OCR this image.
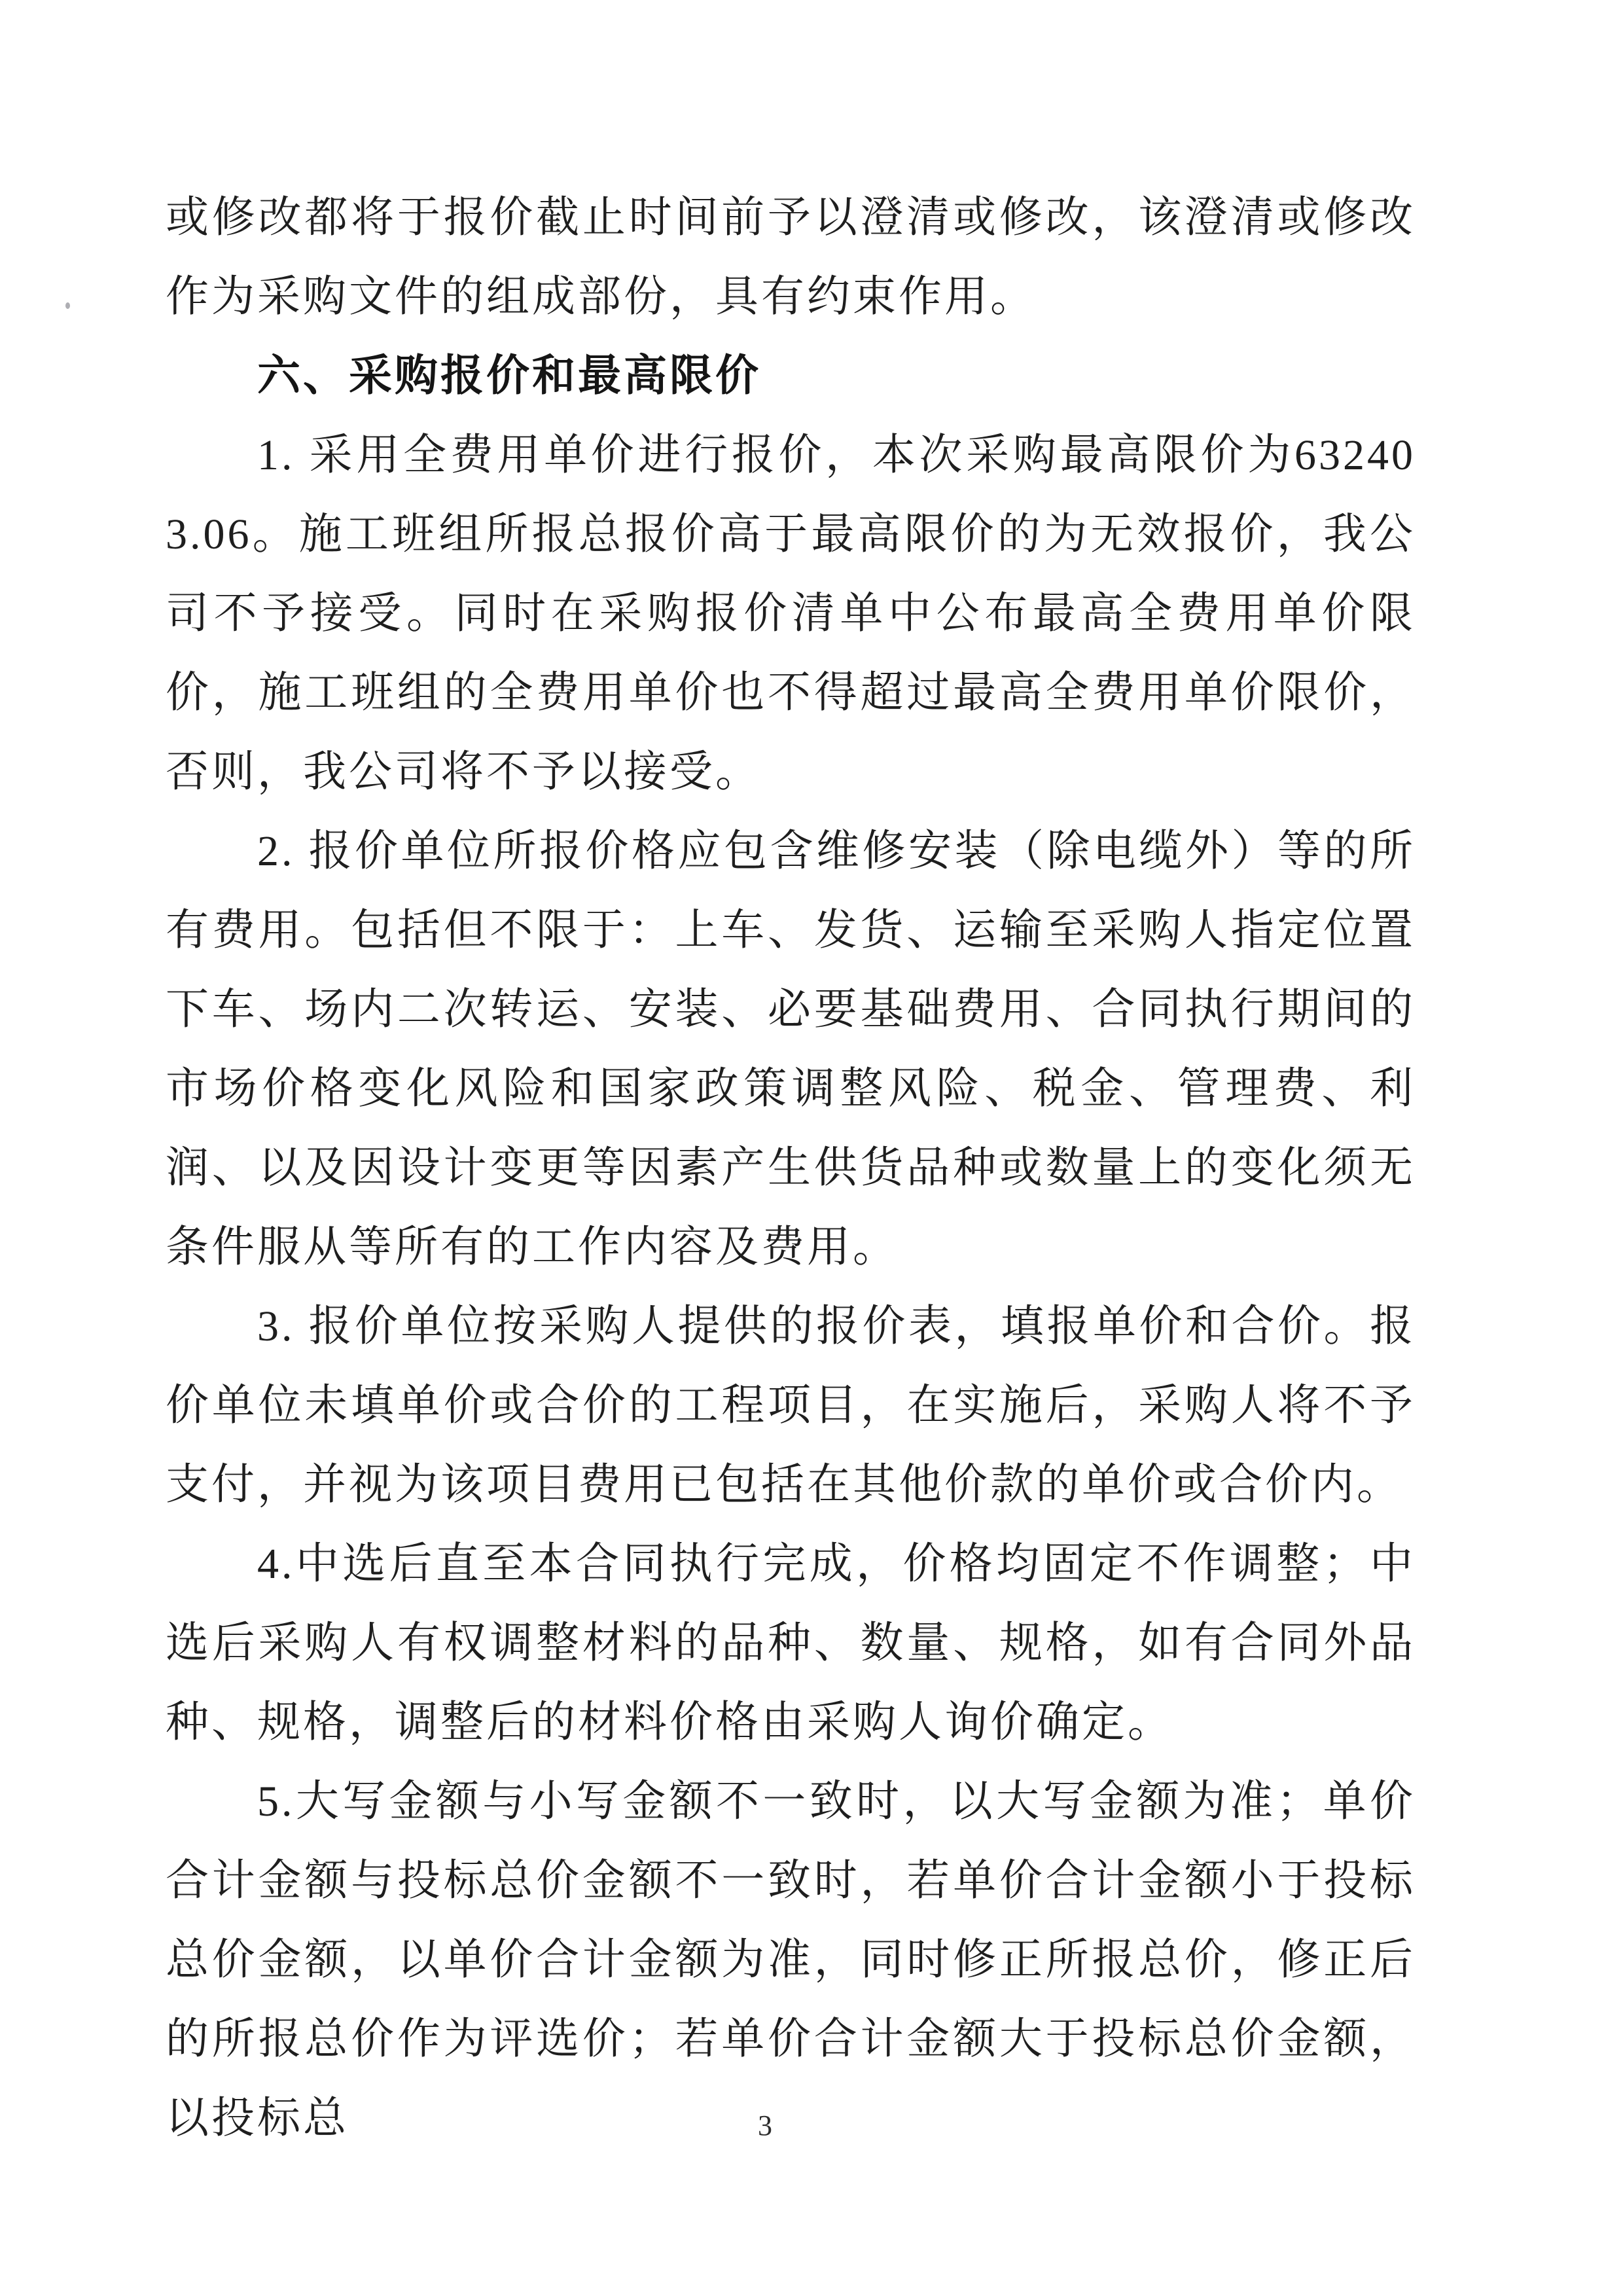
或修改都将于报价截止时间前予以澄清或修改，该澄清或修改作为采购文件的组成部份，具有约束作用。

六、采购报价和最高限价

1. 采用全费用单价进行报价，本次采购最高限价为632403.06。施工班组所报总报价高于最高限价的为无效报价，我公司不予接受。同时在采购报价清单中公布最高全费用单价限价，施工班组的全费用单价也不得超过最高全费用单价限价，否则，我公司将不予以接受。

2. 报价单位所报价格应包含维修安装（除电缆外）等的所有费用。包括但不限于：上车、发货、运输至采购人指定位置下车、场内二次转运、安装、必要基础费用、合同执行期间的市场价格变化风险和国家政策调整风险、税金、管理费、利润、以及因设计变更等因素产生供货品种或数量上的变化须无条件服从等所有的工作内容及费用。

3. 报价单位按采购人提供的报价表，填报单价和合价。报价单位未填单价或合价的工程项目，在实施后，采购人将不予支付，并视为该项目费用已包括在其他价款的单价或合价内。

4.中选后直至本合同执行完成，价格均固定不作调整；中选后采购人有权调整材料的品种、数量、规格，如有合同外品种、规格，调整后的材料价格由采购人询价确定。

5.大写金额与小写金额不一致时，以大写金额为准；单价合计金额与投标总价金额不一致时，若单价合计金额小于投标总价金额，以单价合计金额为准，同时修正所报总价，修正后的所报总价作为评选价；若单价合计金额大于投标总价金额，以投标总	3
